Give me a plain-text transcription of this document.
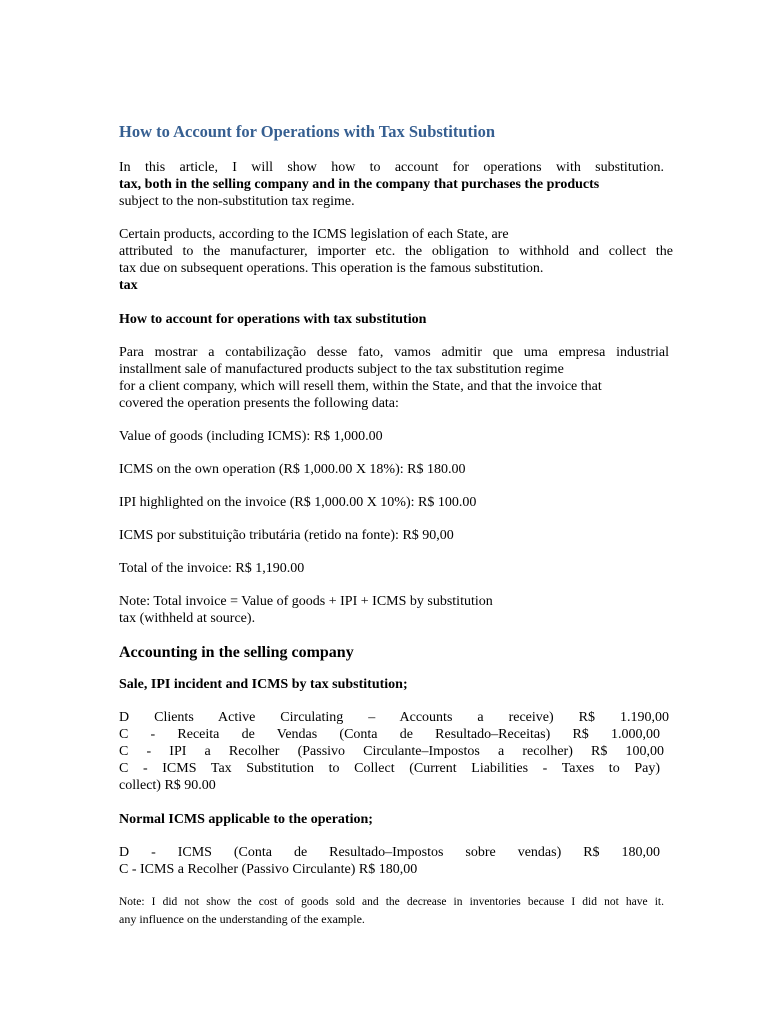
How to Account for Operations with Tax Substitution
In this article, I will show how to account for operations with substitution.
tax, both in the selling company and in the company that purchases the products
subject to the non-substitution tax regime.
Certain products, according to the ICMS legislation of each State, are
attributed to the manufacturer, importer etc. the obligation to withhold and collect the
tax due on subsequent operations. This operation is the famous substitution.
tax
How to account for operations with tax substitution
Para mostrar a contabilização desse fato, vamos admitir que uma empresa industrial
installment sale of manufactured products subject to the tax substitution regime
for a client company, which will resell them, within the State, and that the invoice that
covered the operation presents the following data:
Value of goods (including ICMS): R$ 1,000.00
ICMS on the own operation (R$ 1,000.00 X 18%): R$ 180.00
IPI highlighted on the invoice (R$ 1,000.00 X 10%): R$ 100.00
ICMS por substituição tributária (retido na fonte): R$ 90,00
Total of the invoice: R$ 1,190.00
Note: Total invoice = Value of goods + IPI + ICMS by substitution
tax (withheld at source).
Accounting in the selling company
Sale, IPI incident and ICMS by tax substitution;
D Clients Active Circulating – Accounts a receive) R$ 1.190,00
C - Receita de Vendas (Conta de Resultado–Receitas) R$ 1.000,00
C - IPI a Recolher (Passivo Circulante–Impostos a recolher) R$ 100,00
C - ICMS Tax Substitution to Collect (Current Liabilities - Taxes to Pay)
collect) R$ 90.00
Normal ICMS applicable to the operation;
D - ICMS (Conta de Resultado–Impostos sobre vendas) R$ 180,00
C - ICMS a Recolher (Passivo Circulante) R$ 180,00
Note: I did not show the cost of goods sold and the decrease in inventories because I did not have it.
any influence on the understanding of the example.
